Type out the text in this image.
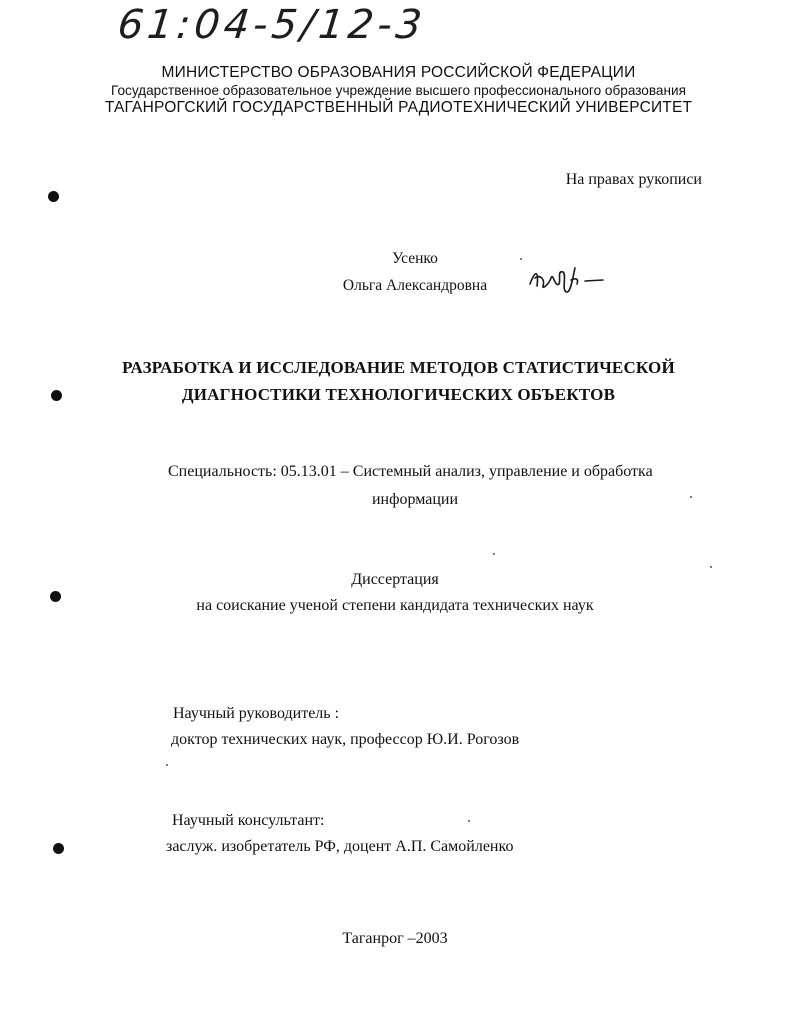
61:04-5/12-3
МИНИСТЕРСТВО ОБРАЗОВАНИЯ РОССИЙСКОЙ ФЕДЕРАЦИИ
Государственное образовательное учреждение высшего профессионального образования
ТАГАНРОГСКИЙ ГОСУДАРСТВЕННЫЙ РАДИОТЕХНИЧЕСКИЙ УНИВЕРСИТЕТ
На правах рукописи
Усенко
Ольга Александровна
РАЗРАБОТКА И ИССЛЕДОВАНИЕ МЕТОДОВ СТАТИСТИЧЕСКОЙ
ДИАГНОСТИКИ ТЕХНОЛОГИЧЕСКИХ ОБЪЕКТОВ
Специальность: 05.13.01 – Системный анализ, управление и обработка
информации
Диссертация
на соискание ученой степени кандидата технических наук
Научный руководитель :
доктор технических наук, профессор Ю.И. Рогозов
Научный консультант:
заслуж. изобретатель РФ, доцент А.П. Самойленко
Таганрог –2003
